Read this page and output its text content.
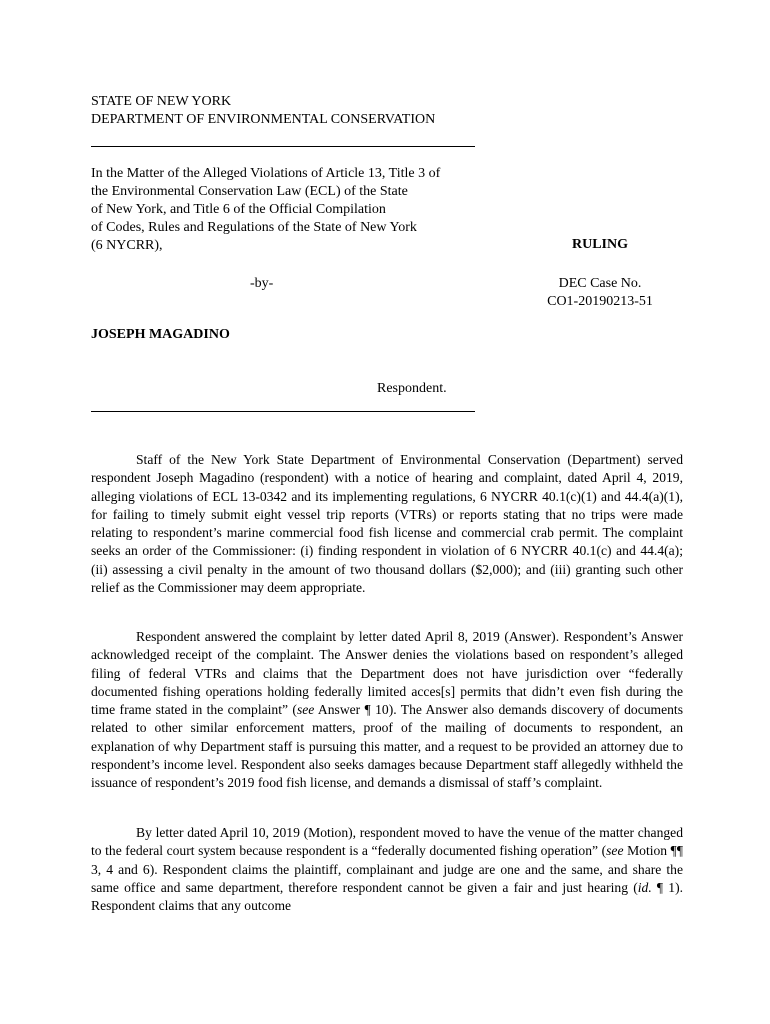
STATE OF NEW YORK
DEPARTMENT OF ENVIRONMENTAL CONSERVATION
In the Matter of the Alleged Violations of Article 13, Title 3 of
the Environmental Conservation Law (ECL) of the State
of New York, and Title 6 of the Official Compilation
of Codes, Rules and Regulations of the State of New York
(6 NYCRR),	RULING
DEC Case No.
CO1-20190213-51
-by-
JOSEPH MAGADINO
Respondent.
Staff of the New York State Department of Environmental Conservation (Department) served respondent Joseph Magadino (respondent) with a notice of hearing and complaint, dated April 4, 2019, alleging violations of ECL 13-0342 and its implementing regulations, 6 NYCRR 40.1(c)(1) and 44.4(a)(1), for failing to timely submit eight vessel trip reports (VTRs) or reports stating that no trips were made relating to respondent’s marine commercial food fish license and commercial crab permit. The complaint seeks an order of the Commissioner: (i) finding respondent in violation of 6 NYCRR 40.1(c) and 44.4(a); (ii) assessing a civil penalty in the amount of two thousand dollars ($2,000); and (iii) granting such other relief as the Commissioner may deem appropriate.
Respondent answered the complaint by letter dated April 8, 2019 (Answer). Respondent’s Answer acknowledged receipt of the complaint. The Answer denies the violations based on respondent’s alleged filing of federal VTRs and claims that the Department does not have jurisdiction over “federally documented fishing operations holding federally limited acces[s] permits that didn’t even fish during the time frame stated in the complaint” (see Answer ¶ 10). The Answer also demands discovery of documents related to other similar enforcement matters, proof of the mailing of documents to respondent, an explanation of why Department staff is pursuing this matter, and a request to be provided an attorney due to respondent’s income level. Respondent also seeks damages because Department staff allegedly withheld the issuance of respondent’s 2019 food fish license, and demands a dismissal of staff’s complaint.
By letter dated April 10, 2019 (Motion), respondent moved to have the venue of the matter changed to the federal court system because respondent is a “federally documented fishing operation” (see Motion ¶¶ 3, 4 and 6). Respondent claims the plaintiff, complainant and judge are one and the same, and share the same office and same department, therefore respondent cannot be given a fair and just hearing (id. ¶ 1). Respondent claims that any outcome
